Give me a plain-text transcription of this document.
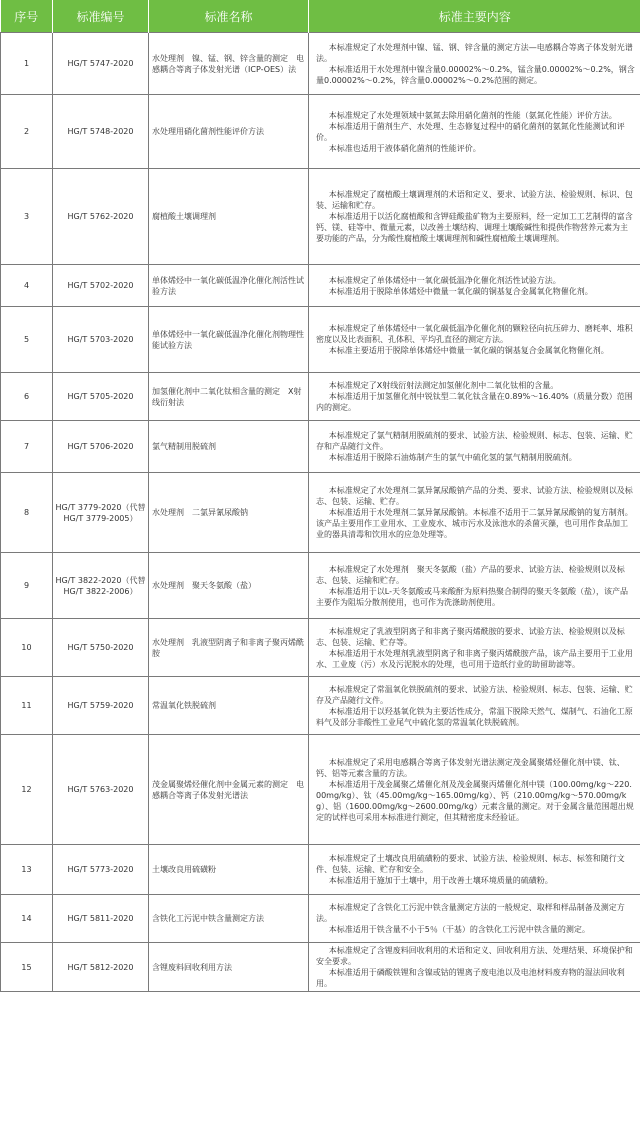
序号	标准编号	标准名称	标准主要内容
1	HG/T 5747-2020	水处理剂　镍、锰、钢、锌含量的测定　电感耦合等离子体发射光谱（ICP-OES）法	本标准规定了水处理剂中镍、锰、钢、锌含量的测定方法—电感耦合等离子体发射光谱法。

本标准适用于水处理剂中镍含量0.00002%～0.2%，锰含量0.00002%～0.2%，钢含量0.00002%～0.2%，锌含量0.00002%～0.2%范围的测定。

2	HG/T 5748-2020	水处理用硝化菌剂性能评价方法	本标准规定了水处理领域中氨氮去除用硝化菌剂的性能（氨氮化性能）评价方法。

本标准适用于菌剂生产、水处理、生态修复过程中的硝化菌剂的氨氮化性能测试和评价。

本标准也适用于液体硝化菌剂的性能评价。

3	HG/T 5762-2020	腐植酸土壤调理剂	本标准规定了腐植酸土壤调理剂的术语和定义、要求、试验方法、检验规则、标识、包装、运输和贮存。

本标准适用于以活化腐植酸和含钾硅酸盐矿物为主要原料，经一定加工工艺制得的富含钙、镁、硅等中、微量元素，以改善土壤结构、调理土壤酸碱性和提供作物营养元素为主要功能的产品，分为酸性腐植酸土壤调理剂和碱性腐植酸土壤调理剂。

4	HG/T 5702-2020	单体烯烃中一氧化碳低温净化催化剂活性试验方法	本标准规定了单体烯烃中一氧化碳低温净化催化剂活性试验方法。

本标准适用于脱除单体烯烃中微量一氧化碳的铜基复合金属氧化物催化剂。

5	HG/T 5703-2020	单体烯烃中一氧化碳低温净化催化剂物理性能试验方法	本标准规定了单体烯烃中一氧化碳低温净化催化剂的颗粒径向抗压碎力、磨耗率、堆积密度以及比表面积、孔体积、平均孔直径的测定方法。

本标准主要适用于脱除单体烯烃中微量一氧化碳的铜基复合金属氧化物催化剂。

6	HG/T 5705-2020	加氢催化剂中二氧化钛相含量的测定　X射线衍射法	本标准规定了X射线衍射法测定加氢催化剂中二氧化钛相的含量。

本标准适用于加氢催化剂中锐钛型二氧化钛含量在0.89%～16.40%（质量分数）范围内的测定。

7	HG/T 5706-2020	氯气精制用脱硫剂	本标准规定了氯气精制用脱硫剂的要求、试验方法、检验规则、标志、包装、运输、贮存和产品随行文件。

本标准适用于脱除石油炼制产生的氯气中硫化氢的氯气精制用脱硫剂。

8	HG/T 3779-2020（代替HG/T 3779-2005）	水处理剂　二氯异氰尿酸钠	本标准规定了水处理剂二氯异氰尿酸钠产品的分类、要求、试验方法、检验规则以及标志、包装、运输、贮存。

本标准适用于水处理剂二氯异氰尿酸钠。本标准不适用于二氯异氰尿酸钠的复方制剂。该产品主要用作工业用水、工业废水、城市污水及泳池水的杀菌灭藻，也可用作食品加工业的器具清毒和饮用水的应急处理等。

9	HG/T 3822-2020（代替HG/T 3822-2006）	水处理剂　聚天冬氨酸（盐）	本标准规定了水处理剂　聚天冬氨酸（盐）产品的要求、试验方法、检验规则以及标志、包装、运输和贮存。

本标准适用于以L-天冬氨酸或马来酸酐为原料热聚合制得的聚天冬氨酸（盐），该产品主要作为阻垢分散剂使用，也可作为洗涤助剂使用。

10	HG/T 5750-2020	水处理剂　乳液型阴离子和非离子聚丙烯酰胺	本标准规定了乳液型阴离子和非离子聚丙烯酰胺的要求、试验方法、检验规则以及标志、包装、运输、贮存等。

本标准适用于水处理剂乳液型阴离子和非离子聚丙烯酰胺产品，该产品主要用于工业用水、工业废（污）水及污泥脱水的处理，也可用于造纸行业的助留助滤等。

11	HG/T 5759-2020	常温氧化铁脱硫剂	本标准规定了常温氧化铁脱硫剂的要求、试验方法、检验规则、标志、包装、运输、贮存及产品随行文件。

本标准适用于以羟基氧化铁为主要活性成分，常温下脱除天然气、煤制气、石油化工原料气及部分非酸性工业尾气中硫化氢的常温氧化铁脱硫剂。

12	HG/T 5763-2020	茂金属聚烯烃催化剂中金属元素的测定　电感耦合等离子体发射光谱法	本标准规定了采用电感耦合等离子体发射光谱法测定茂金属聚烯烃催化剂中镁、钛、钙、铝等元素含量的方法。

本标准适用于茂金属聚乙烯催化剂及茂金属聚丙烯催化剂中镁（100.00mg/kg～220.00mg/kg）、钛（45.00mg/kg～165.00mg/kg）、钙（210.00mg/kg～570.00mg/kg）、铝（1600.00mg/kg～2600.00mg/kg）元素含量的测定。对于金属含量范围超出规定的试样也可采用本标准进行测定，但其精密度未经验证。

13	HG/T 5773-2020	土壤改良用硫磺粉	本标准规定了土壤改良用硫磺粉的要求、试验方法、检验规则、标志、标签和随行文件、包装、运输、贮存和安全。

本标准适用于施加于土壤中，用于改善土壤环境质量的硫磺粉。

14	HG/T 5811-2020	含铁化工污泥中铁含量测定方法	本标准规定了含铁化工污泥中铁含量测定方法的一般规定、取样和样品制备及测定方法。

本标准适用于铁含量不小于5％（干基）的含铁化工污泥中铁含量的测定。

15	HG/T 5812-2020	含锂废料回收利用方法	本标准规定了含锂废料回收利用的术语和定义、回收利用方法、处理结果、环境保护和安全要求。

本标准适用于磷酸铁锂和含镍或钴的锂离子废电池以及电池材料废弃物的湿法回收利用。
